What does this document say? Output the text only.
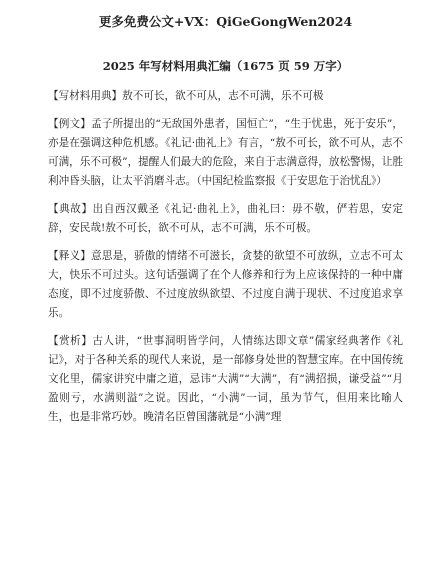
更多免费公文+VX：QiGeGongWen2024
2025 年写材料用典汇编（1675 页 59 万字）

【写材料用典】敖不可长，欲不可从，志不可满，乐不可极

【例文】孟子所提出的“无敌国外患者，国恒亡”，“生于忧患，死于安乐”，亦是在强调这种危机感。《礼记·曲礼上》有言，“敖不可长，欲不可从，志不可满，乐不可极”，提醒人们最大的危险，来自于志满意得，放松警惕，让胜利冲昏头脑，让太平消磨斗志。（中国纪检监察报《于安思危于治忧乱》）

【典故】出自西汉戴圣《礼记·曲礼上》，曲礼曰：毋不敬，俨若思，安定辞，安民哉!敖不可长，欲不可从，志不可满，乐不可极。

【释义】意思是，骄傲的情绪不可滋长，贪婪的欲望不可放纵，立志不可太大，快乐不可过头。这句话强调了在个人修养和行为上应该保持的一种中庸态度，即不过度骄傲、不过度放纵欲望、不过度自满于现状、不过度追求享乐。

【赏析】古人讲，“世事洞明皆学问，人情练达即文章”儒家经典著作《礼记》，对于各种关系的现代人来说，是一部修身处世的智慧宝库。在中国传统文化里，儒家讲究中庸之道，忌讳“大满”“大满”，有“满招损，谦受益”“月盈则亏，水满则溢”之说。因此，“小满”一词，虽为节气，但用来比喻人生，也是非常巧妙。晚清名臣曾国藩就是“小满”理
